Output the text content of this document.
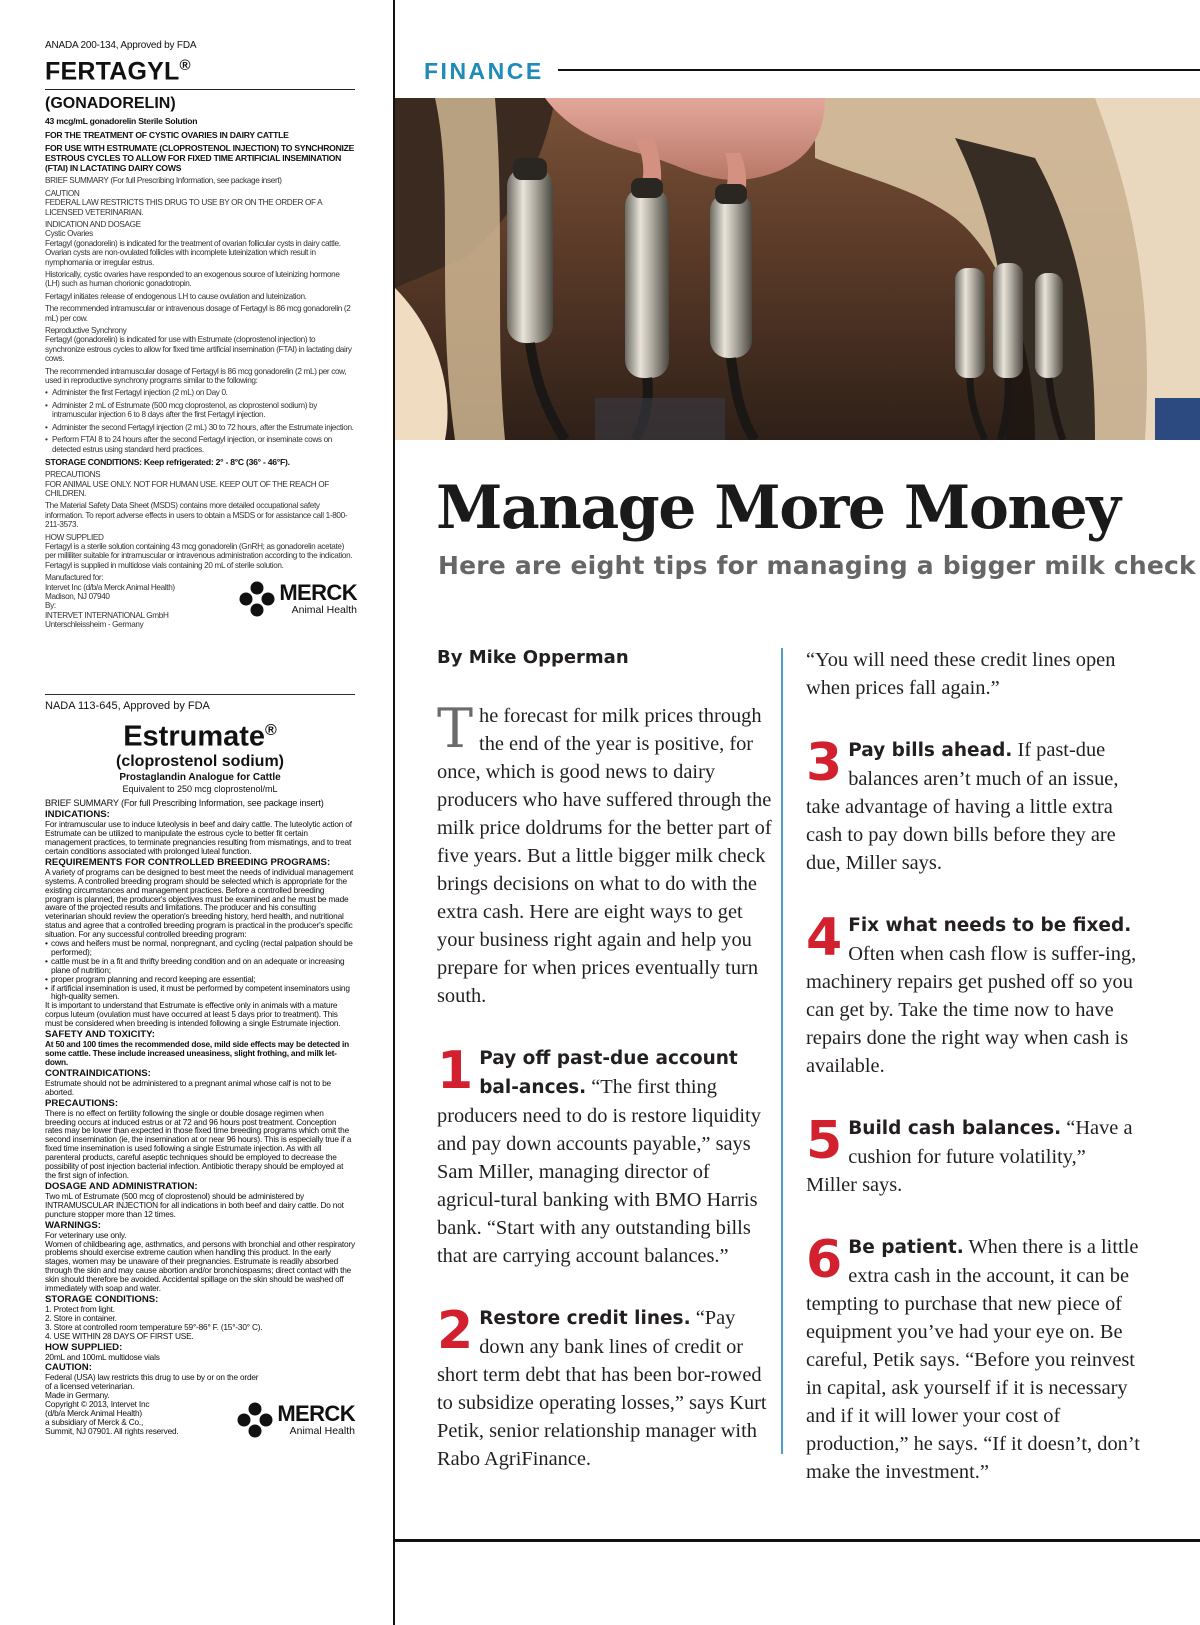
ANADA 200-134, Approved by FDA
FERTAGYL®
(GONADORELIN)
43 mcg/mL gonadorelin Sterile Solution
FOR THE TREATMENT OF CYSTIC OVARIES IN DAIRY CATTLE
FOR USE WITH ESTRUMATE (CLOPROSTENOL INJECTION) TO SYNCHRONIZE ESTROUS CYCLES TO ALLOW FOR FIXED TIME ARTIFICIAL INSEMINATION (FTAI) IN LACTATING DAIRY COWS
BRIEF SUMMARY (For full Prescribing Information, see package insert)
CAUTION
FEDERAL LAW RESTRICTS THIS DRUG TO USE BY OR ON THE ORDER OF A LICENSED VETERINARIAN.
INDICATION AND DOSAGE
Cystic Ovaries
Fertagyl (gonadorelin) is indicated for the treatment of ovarian follicular cysts in dairy cattle. Ovarian cysts are non-ovulated follicles with incomplete luteinization which result in nymphomania or irregular estrus.
Historically, cystic ovaries have responded to an exogenous source of luteinizing hormone (LH) such as human chorionic gonadotropin.
Fertagyl initiates release of endogenous LH to cause ovulation and luteinization.
The recommended intramuscular or intravenous dosage of Fertagyl is 86 mcg gonadorelin (2 mL) per cow.
Reproductive Synchrony
Fertagyl (gonadorelin) is indicated for use with Estrumate (cloprostenol injection) to synchronize estrous cycles to allow for fixed time artificial insemination (FTAI) in lactating dairy cows.
The recommended intramuscular dosage of Fertagyl is 86 mcg gonadorelin (2 mL) per cow, used in reproductive synchrony programs similar to the following:
• Administer the first Fertagyl injection (2 mL) on Day 0.
• Administer 2 mL of Estrumate (500 mcg cloprostenol, as cloprostenol sodium) by intramuscular injection 6 to 8 days after the first Fertagyl injection.
• Administer the second Fertagyl injection (2 mL) 30 to 72 hours, after the Estrumate injection.
• Perform FTAI 8 to 24 hours after the second Fertagyl injection, or inseminate cows on detected estrus using standard herd practices.
STORAGE CONDITIONS: Keep refrigerated: 2° - 8°C (36° - 46°F).
PRECAUTIONS
FOR ANIMAL USE ONLY. NOT FOR HUMAN USE. KEEP OUT OF THE REACH OF CHILDREN.
The Material Safety Data Sheet (MSDS) contains more detailed occupational safety information. To report adverse effects in users to obtain a MSDS or for assistance call 1-800-211-3573.
HOW SUPPLIED
Fertagyl is a sterile solution containing 43 mcg gonadorelin (GnRH; as gonadorelin acetate) per milliliter suitable for intramuscular or intravenous administration according to the indication.
Fertagyl is supplied in multidose vials containing 20 mL of sterile solution.
Manufactured for:
Intervet Inc (d/b/a Merck Animal Health)
Madison, NJ 07940
By:
INTERVET INTERNATIONAL GmbH
Unterschleissheim - Germany
MERCK
Animal Health
NADA 113-645, Approved by FDA
Estrumate®
(cloprostenol sodium)
Prostaglandin Analogue for Cattle
Equivalent to 250 mcg cloprostenol/mL
BRIEF SUMMARY (For full Prescribing Information, see package insert)
INDICATIONS:
For intramuscular use to induce luteolysis in beef and dairy cattle. The luteolytic action of Estrumate can be utilized to manipulate the estrous cycle to better fit certain management practices, to terminate pregnancies resulting from mismatings, and to treat certain conditions associated with prolonged luteal function.
REQUIREMENTS FOR CONTROLLED BREEDING PROGRAMS:
A variety of programs can be designed to best meet the needs of individual management systems. A controlled breeding program should be selected which is appropriate for the existing circumstances and management practices. Before a controlled breeding program is planned, the producer's objectives must be examined and he must be made aware of the projected results and limitations. The producer and his consulting veterinarian should review the operation's breeding history, herd health, and nutritional status and agree that a controlled breeding program is practical in the producer's specific situation. For any successful controlled breeding program:
• cows and heifers must be normal, nonpregnant, and cycling (rectal palpation should be performed);
• cattle must be in a fit and thrifty breeding condition and on an adequate or increasing plane of nutrition;
• proper program planning and record keeping are essential;
• if artificial insemination is used, it must be performed by competent inseminators using high-quality semen.
It is important to understand that Estrumate is effective only in animals with a mature corpus luteum (ovulation must have occurred at least 5 days prior to treatment). This must be considered when breeding is intended following a single Estrumate injection.
SAFETY AND TOXICITY:
At 50 and 100 times the recommended dose, mild side effects may be detected in some cattle. These include increased uneasiness, slight frothing, and milk let-down.
CONTRAINDICATIONS:
Estrumate should not be administered to a pregnant animal whose calf is not to be aborted.
PRECAUTIONS:
There is no effect on fertility following the single or double dosage regimen when breeding occurs at induced estrus or at 72 and 96 hours post treatment. Conception rates may be lower than expected in those fixed time breeding programs which omit the second insemination (ie, the insemination at or near 96 hours). This is especially true if a fixed time insemination is used following a single Estrumate injection. As with all parenteral products, careful aseptic techniques should be employed to decrease the possibility of post injection bacterial infection. Antibiotic therapy should be employed at the first sign of infection.
DOSAGE AND ADMINISTRATION:
Two mL of Estrumate (500 mcg of cloprostenol) should be administered by INTRAMUSCULAR INJECTION for all indications in both beef and dairy cattle. Do not puncture stopper more than 12 times.
WARNINGS:
For veterinary use only.
Women of childbearing age, asthmatics, and persons with bronchial and other respiratory problems should exercise extreme caution when handling this product. In the early stages, women may be unaware of their pregnancies. Estrumate is readily absorbed through the skin and may cause abortion and/or bronchiospasms; direct contact with the skin should therefore be avoided. Accidental spillage on the skin should be washed off immediately with soap and water.
STORAGE CONDITIONS:
1. Protect from light.
2. Store in container.
3. Store at controlled room temperature 59°-86° F. (15°-30° C).
4. USE WITHIN 28 DAYS OF FIRST USE.
HOW SUPPLIED:
20mL and 100mL multidose vials
CAUTION:
Federal (USA) law restricts this drug to use by or on the order of a licensed veterinarian.
Made in Germany.
Copyright © 2013, Intervet Inc
(d/b/a Merck Animal Health)
a subsidiary of Merck & Co.,
Summit, NJ 07901. All rights reserved.
MERCK
Animal Health
FINANCE
Manage More Money
Here are eight tips for managing a bigger milk check
By Mike Opperman

The forecast for milk prices through the end of the year is positive, for once, which is good news to dairy producers who have suffered through the milk price doldrums for the better part of five years. But a little bigger milk check brings decisions on what to do with the extra cash. Here are eight ways to get your business right again and help you prepare for when prices eventually turn south.

1 Pay off past-due account bal-ances. “The first thing producers need to do is restore liquidity and pay down accounts payable,” says Sam Miller, managing director of agricul-tural banking with BMO Harris bank. “Start with any outstanding bills that are carrying account balances.”

2 Restore credit lines. “Pay down any bank lines of credit or short term debt that has been bor-rowed to subsidize operating losses,” says Kurt Petik, senior relationship manager with Rabo AgriFinance.

“You will need these credit lines open when prices fall again.”

3 Pay bills ahead. If past-due balances aren’t much of an issue, take advantage of having a little extra cash to pay down bills before they are due, Miller says.

4 Fix what needs to be fixed. Often when cash flow is suffer-ing, machinery repairs get pushed off so you can get by. Take the time now to have repairs done the right way when cash is available.

5 Build cash balances. “Have a cushion for future volatility,” Miller says.

6 Be patient. When there is a little extra cash in the account, it can be tempting to purchase that new piece of equipment you’ve had your eye on. Be careful, Petik says. “Before you reinvest in capital, ask yourself if it is necessary and if it will lower your cost of production,” he says. “If it doesn’t, don’t make the investment.”
